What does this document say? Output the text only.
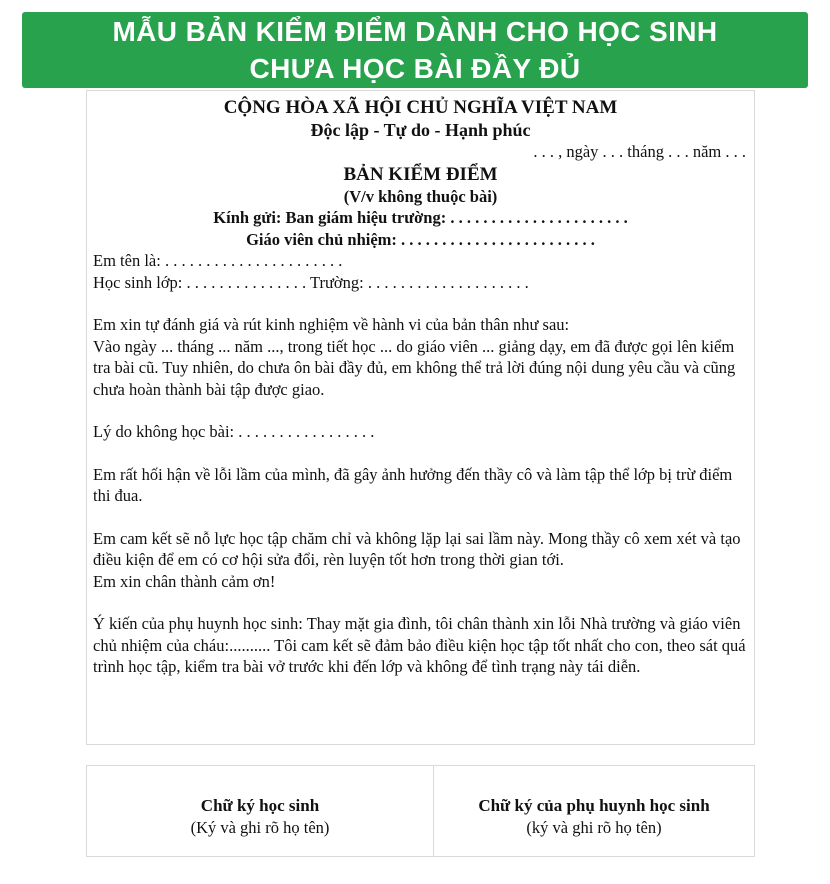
MẪU BẢN KIỂM ĐIỂM DÀNH CHO HỌC SINH
CHƯA HỌC BÀI ĐẦY ĐỦ
CỘNG HÒA XÃ HỘI CHỦ NGHĨA VIỆT NAM
Độc lập - Tự do - Hạnh phúc
. . . , ngày . . . tháng . . . năm . . .
BẢN KIỂM ĐIỂM
(V/v không thuộc bài)
Kính gửi: Ban giám hiệu trường: . . . . . . . . . . . . . . . . . . . . . .
Giáo viên chủ nhiệm: . . . . . . . . . . . . . . . . . . . . . . . .
Em tên là: . . . . . . . . . . . . . . . . . . . . . .
Học sinh lớp: . . . . . . . . . . . . . . . Trường: . . . . . . . . . . . . . . . . . . . .
Em xin tự đánh giá và rút kinh nghiệm về hành vi của bản thân như sau:
Vào ngày ... tháng ... năm ..., trong tiết học ... do giáo viên ... giảng dạy, em đã được gọi lên kiểm tra bài cũ. Tuy nhiên, do chưa ôn bài đầy đủ, em không thể trả lời đúng nội dung yêu cầu và cũng chưa hoàn thành bài tập được giao.
Lý do không học bài: . . . . . . . . . . . . . . . . .
Em rất hối hận về lỗi lầm của mình, đã gây ảnh hưởng đến thầy cô và làm tập thể lớp bị trừ điểm thi đua.
Em cam kết sẽ nỗ lực học tập chăm chỉ và không lặp lại sai lầm này. Mong thầy cô xem xét và tạo điều kiện để em có cơ hội sửa đổi, rèn luyện tốt hơn trong thời gian tới.
Em xin chân thành cảm ơn!
Ý kiến của phụ huynh học sinh: Thay mặt gia đình, tôi chân thành xin lỗi Nhà trường và giáo viên chủ nhiệm của cháu:.......... Tôi cam kết sẽ đảm bảo điều kiện học tập tốt nhất cho con, theo sát quá trình học tập, kiểm tra bài vở trước khi đến lớp và không để tình trạng này tái diễn.
Chữ ký học sinh
(Ký và ghi rõ họ tên)
Chữ ký của phụ huynh học sinh
(ký và ghi rõ họ tên)
